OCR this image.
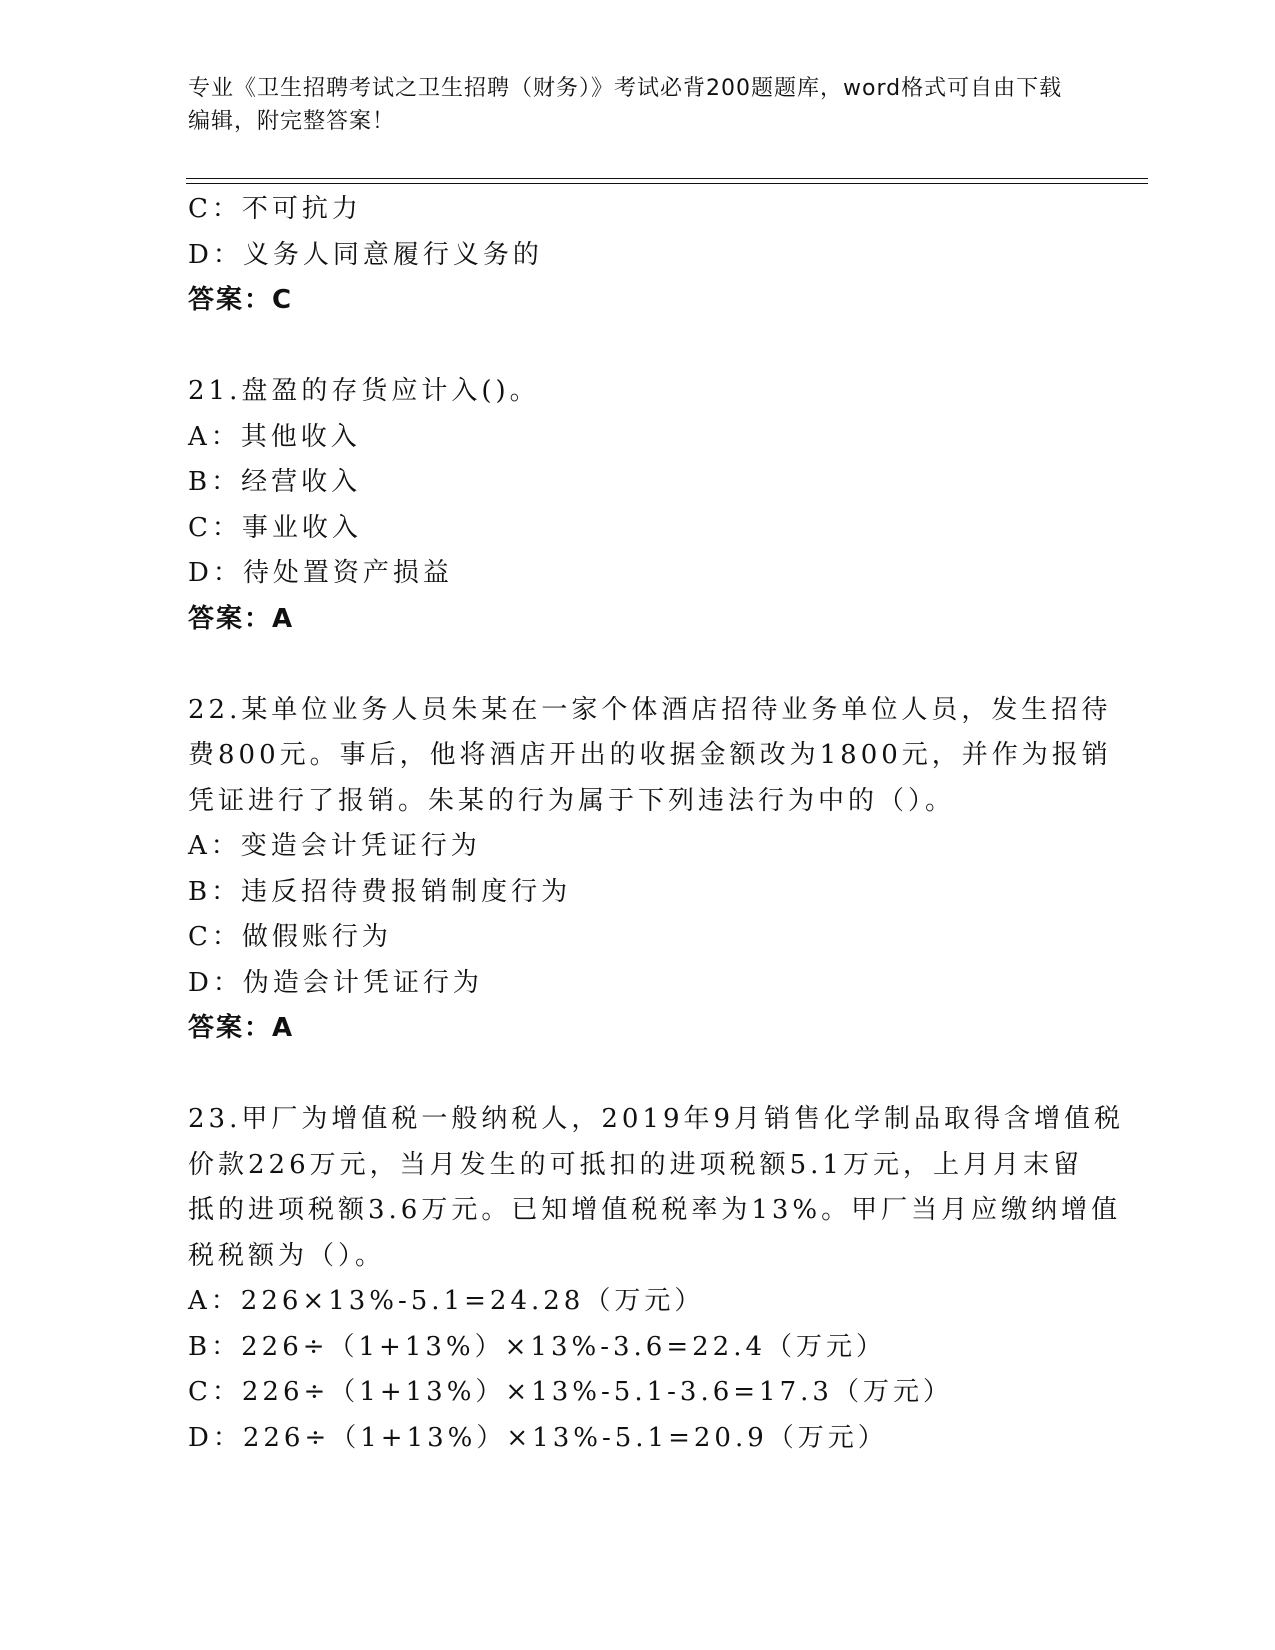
专业《卫生招聘考试之卫生招聘（财务）》考试必背200题题库，word格式可自由下载编辑，附完整答案！
C：不可抗力
D：义务人同意履行义务的
答案：C
21.盘盈的存货应计入()。
A：其他收入
B：经营收入
C：事业收入
D：待处置资产损益
答案：A
22.某单位业务人员朱某在一家个体酒店招待业务单位人员，发生招待
费800元。事后，他将酒店开出的收据金额改为1800元，并作为报销
凭证进行了报销。朱某的行为属于下列违法行为中的（）。
A：变造会计凭证行为
B：违反招待费报销制度行为
C：做假账行为
D：伪造会计凭证行为
答案：A
23.甲厂为增值税一般纳税人，2019年9月销售化学制品取得含增值税
价款226万元，当月发生的可抵扣的进项税额5.1万元，上月月末留
抵的进项税额3.6万元。已知增值税税率为13%。甲厂当月应缴纳增值
税税额为（）。
A：226×13%-5.1=24.28（万元）
B：226÷（1+13%）×13%-3.6=22.4（万元）
C：226÷（1+13%）×13%-5.1-3.6=17.3（万元）
D：226÷（1+13%）×13%-5.1=20.9（万元）
